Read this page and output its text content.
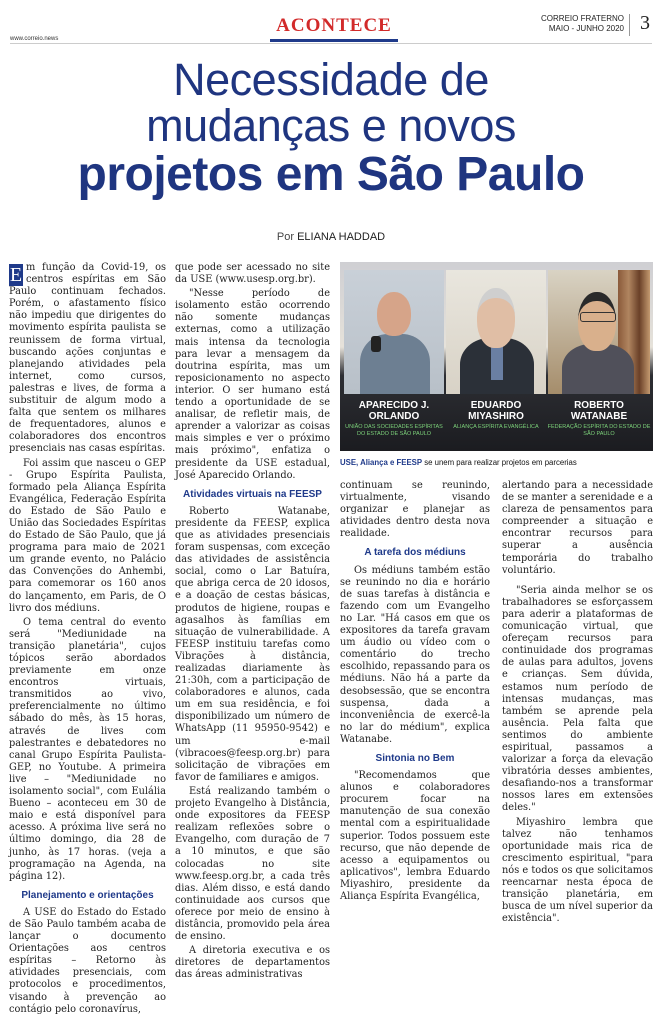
www.correio.news
ACONTECE	CORREIO FRATERNO
MAIO - JUNHO 2020 3
Necessidade de
mudanças e novos
projetos em São Paulo
Por ELIANA HADDAD

E m função da Covid-19, os centros espíritas em São Paulo continuam fechados. Porém, o afastamento físico não impediu que dirigentes do movimento espírita paulista se reunissem de forma virtual, buscando ações conjuntas e planejando atividades pela internet, como cursos, palestras e lives, de forma a substituir de algum modo a falta que sentem os milhares de frequentadores, alunos e colaboradores dos encontros presenciais nas casas espíritas.

Foi assim que nasceu o GEP - Grupo Espírita Paulista, formado pela Aliança Espírita Evangélica, Federação Espírita do Estado de São Paulo e União das Sociedades Espíritas do Estado de São Paulo, que já programa para maio de 2021 um grande evento, no Palácio das Convenções do Anhembi, para comemorar os 160 anos do lançamento, em Paris, de O livro dos médiuns.

O tema central do evento será "Mediunidade na transição planetária", cujos tópicos serão abordados previamente em onze encontros virtuais, transmitidos ao vivo, preferencialmente no último sábado do mês, às 15 horas, através de lives com palestrantes e debatedores no canal Grupo Espírita Paulista-GEP, no Youtube. A primeira live – "Mediunidade no isolamento social", com Eulália Bueno – aconteceu em 30 de maio e está disponível para acesso. A próxima live será no último domingo, dia 28 de junho, às 17 horas. (veja a programação na Agenda, na página 12).

Planejamento e orientações

A USE do Estado do Estado de São Paulo também acaba de lançar o documento Orientações aos centros espíritas – Retorno às atividades presenciais, com protocolos e procedimentos, visando à prevenção ao contágio pelo coronavírus,

que pode ser acessado no site da USE (www.usesp.org.br).

"Nesse período de isolamento estão ocorrendo não somente mudanças externas, como a utilização mais intensa da tecnologia para levar a mensagem da doutrina espírita, mas um reposicionamento no aspecto interior. O ser humano está tendo a oportunidade de se analisar, de refletir mais, de aprender a valorizar as coisas mais simples e ver o próximo mais próximo", enfatiza o presidente da USE estadual, José Aparecido Orlando.

Atividades virtuais na FEESP

Roberto Watanabe, presidente da FEESP, explica que as atividades presenciais foram suspensas, com exceção das atividades de assistência social, como o Lar Batuíra, que abriga cerca de 20 idosos, e a doação de cestas básicas, produtos de higiene, roupas e agasalhos às famílias em situação de vulnerabilidade. A FEESP instituiu tarefas como Vibrações à distância, realizadas diariamente às 21:30h, com a participação de colaboradores e alunos, cada um em sua residência, e foi disponibilizado um número de WhatsApp (11 95950-9542) e um e-mail (vibracoes@feesp.org.br) para solicitação de vibrações em favor de familiares e amigos.

Está realizando também o projeto Evangelho à Distância, onde expositores da FEESP realizam reflexões sobre o Evangelho, com duração de 7 a 10 minutos, e que são colocadas no site www.feesp.org.br, a cada três dias. Além disso, e está dando continuidade aos cursos que oferece por meio de ensino à distância, promovido pela área de ensino.

A diretoria executiva e os diretores de departamentos das áreas administrativas

APARECIDO J.
ORLANDO
UNIÃO DAS SOCIEDADES ESPÍRITAS DO ESTADO DE SÃO PAULO
EDUARDO
MIYASHIRO
ALIANÇA ESPÍRITA EVANGÉLICA
ROBERTO
WATANABE
FEDERAÇÃO ESPÍRITA DO ESTADO DE SÃO PAULO
USE, Aliança e FEESP se unem para realizar projetos em parcerias

continuam se reunindo, virtualmente, visando organizar e planejar as atividades dentro desta nova realidade.

A tarefa dos médiuns

Os médiuns também estão se reunindo no dia e horário de suas tarefas à distância e fazendo com um Evangelho no Lar. "Há casos em que os expositores da tarefa gravam um áudio ou vídeo com o comentário do trecho escolhido, repassando para os médiuns. Não há a parte da desobsessão, que se encontra suspensa, dada a inconveniência de exercê-la no lar do médium", explica Watanabe.

Sintonia no Bem

"Recomendamos que alunos e colaboradores procurem focar na manutenção de sua conexão mental com a espiritualidade superior. Todos possuem este recurso, que não depende de acesso a equipamentos ou aplicativos", lembra Eduardo Miyashiro, presidente da Aliança Espírita Evangélica,

alertando para a necessidade de se manter a serenidade e a clareza de pensamentos para compreender a situação e encontrar recursos para superar a ausência temporária do trabalho voluntário.

"Seria ainda melhor se os trabalhadores se esforçassem para aderir a plataformas de comunicação virtual, que ofereçam recursos para continuidade dos programas de aulas para adultos, jovens e crianças. Sem dúvida, estamos num período de intensas mudanças, mas também se aprende pela ausência. Pela falta que sentimos do ambiente espiritual, passamos a valorizar a força da elevação vibratória desses ambientes, desafiando-nos a transformar nossos lares em extensões deles."

Miyashiro lembra que talvez não tenhamos oportunidade mais rica de crescimento espiritual, "para nós e todos os que solicitamos reencarnar nesta época de transição planetária, em busca de um nível superior da existência".
